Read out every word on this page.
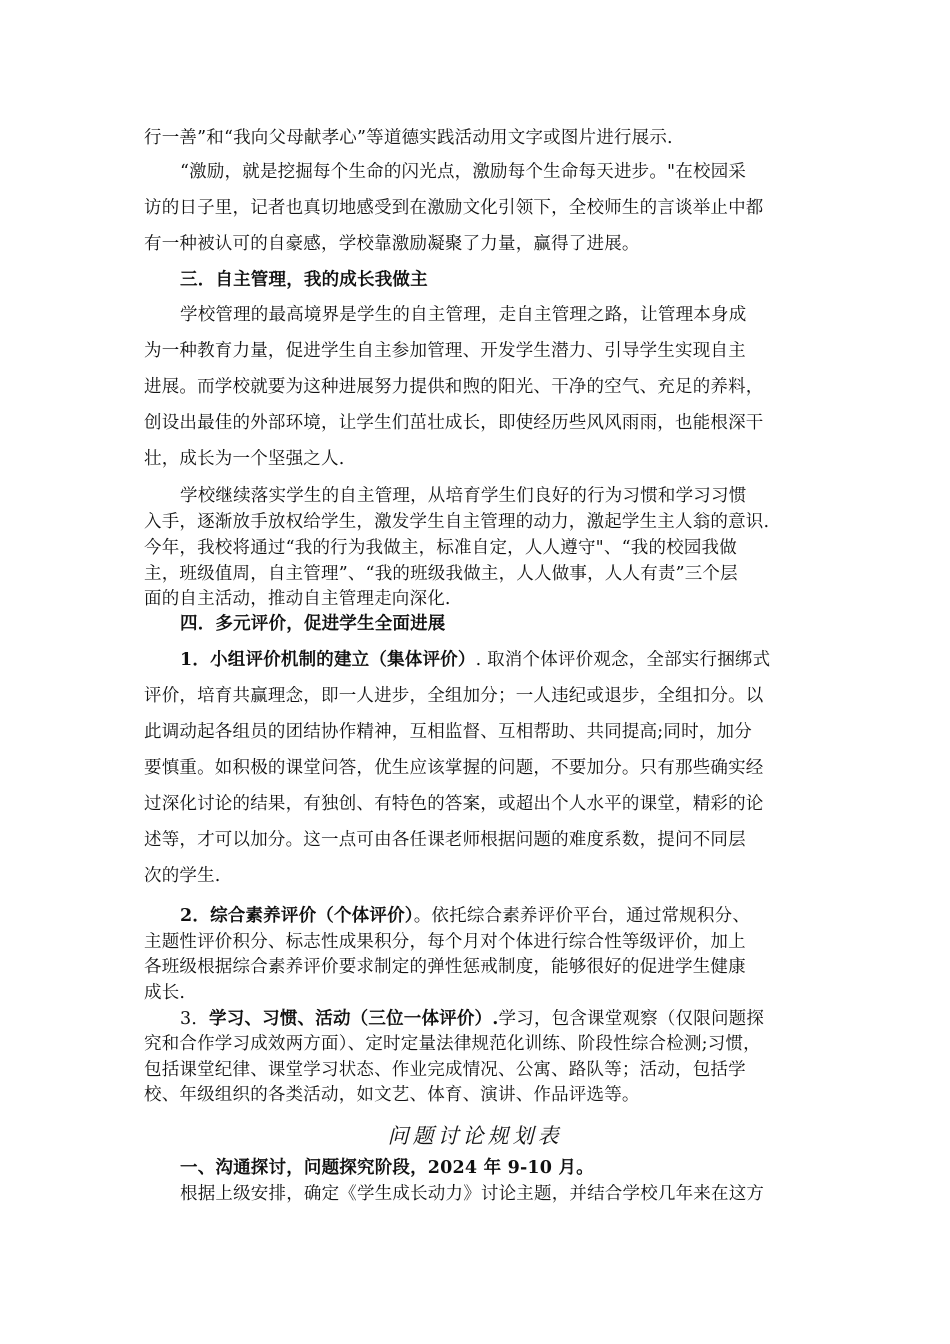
行一善”和“我向父母献孝心”等道德实践活动用文字或图片进行展示.
“激励，就是挖掘每个生命的闪光点，激励每个生命每天进步。"在校园采
访的日子里，记者也真切地感受到在激励文化引领下，全校师生的言谈举止中都
有一种被认可的自豪感，学校靠激励凝聚了力量，赢得了进展。
三．自主管理，我的成长我做主
学校管理的最高境界是学生的自主管理，走自主管理之路，让管理本身成
为一种教育力量，促进学生自主参加管理、开发学生潜力、引导学生实现自主
进展。而学校就要为这种进展努力提供和煦的阳光、干净的空气、充足的养料，
创设出最佳的外部环境，让学生们茁壮成长，即使经历些风风雨雨，也能根深干
壮，成长为一个坚强之人.
学校继续落实学生的自主管理，从培育学生们良好的行为习惯和学习习惯
入手，逐渐放手放权给学生，激发学生自主管理的动力，激起学生主人翁的意识.
今年，我校将通过“我的行为我做主，标准自定，人人遵守"、“我的校园我做
主，班级值周，自主管理”、“我的班级我做主，人人做事，人人有责”三个层
面的自主活动，推动自主管理走向深化.
四．多元评价，促进学生全面进展
1．小组评价机制的建立（集体评价）. 取消个体评价观念，全部实行捆绑式
评价，培育共赢理念，即一人进步，全组加分；一人违纪或退步，全组扣分。以
此调动起各组员的团结协作精神，互相监督、互相帮助、共同提高;同时，加分
要慎重。如积极的课堂问答，优生应该掌握的问题，不要加分。只有那些确实经
过深化讨论的结果，有独创、有特色的答案，或超出个人水平的课堂，精彩的论
述等，才可以加分。这一点可由各任课老师根据问题的难度系数，提问不同层
次的学生.
2．综合素养评价（个体评价）。依托综合素养评价平台，通过常规积分、
主题性评价积分、标志性成果积分，每个月对个体进行综合性等级评价，加上
各班级根据综合素养评价要求制定的弹性惩戒制度，能够很好的促进学生健康
成长.
3．学习、习惯、活动（三位一体评价）.学习，包含课堂观察（仅限问题探
究和合作学习成效两方面）、定时定量法律规范化训练、阶段性综合检测;习惯，
包括课堂纪律、课堂学习状态、作业完成情况、公寓、路队等；活动，包括学
校、年级组织的各类活动，如文艺、体育、演讲、作品评选等。
问题讨论规划表
一、沟通探讨，问题探究阶段，2024 年 9-10 月。
根据上级安排，确定《学生成长动力》讨论主题，并结合学校几年来在这方
